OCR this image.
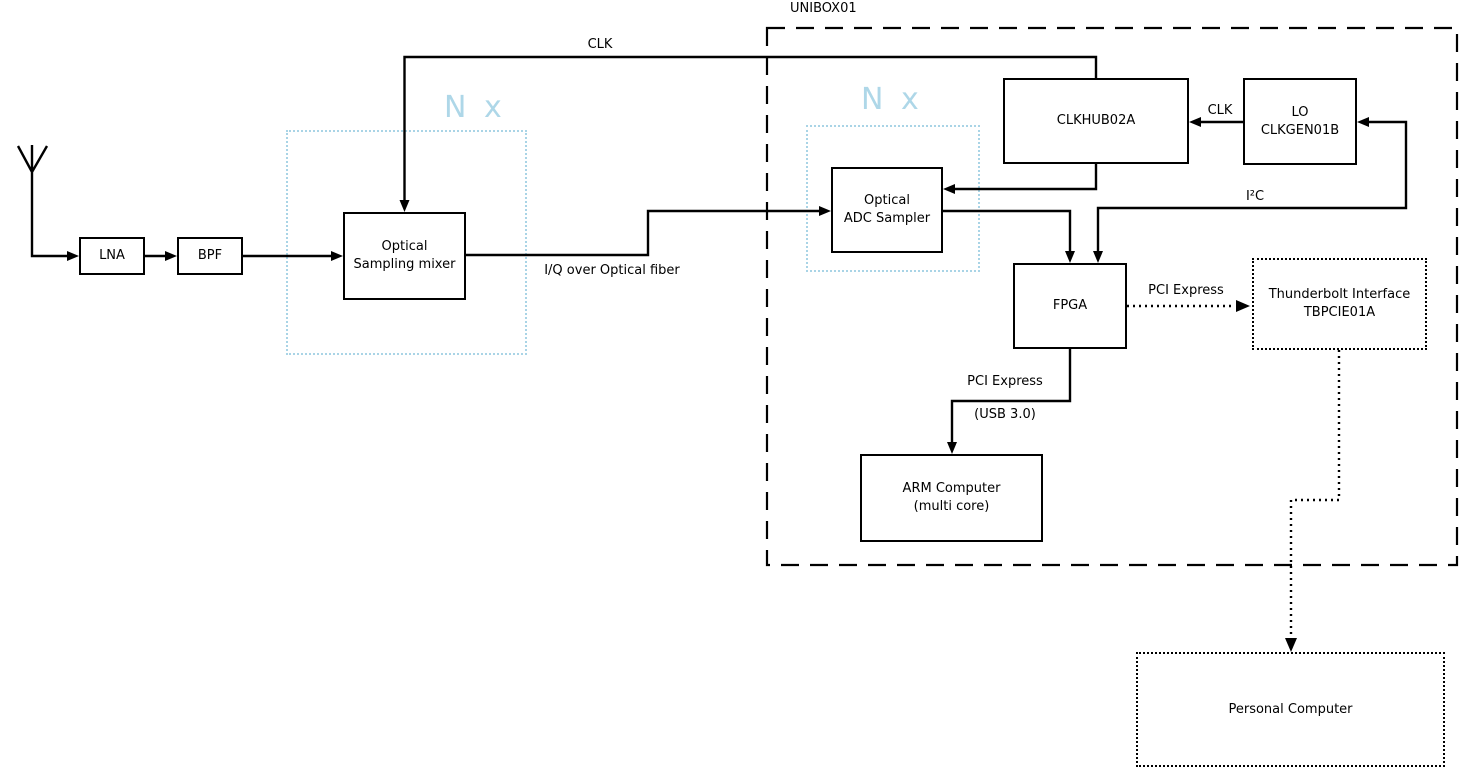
N x	N x
UNIBOX01
LNA	BPF
Optical
Sampling mixer
Optical
ADC Sampler
CLKHUB02A
LO
CLKGEN01B
FPGA
Thunderbolt Interface
TBPCIE01A
ARM Computer
(multi core)
Personal Computer
CLK
CLK
I²C
I/Q over Optical fiber
PCI Express
PCI Express
(USB 3.0)
